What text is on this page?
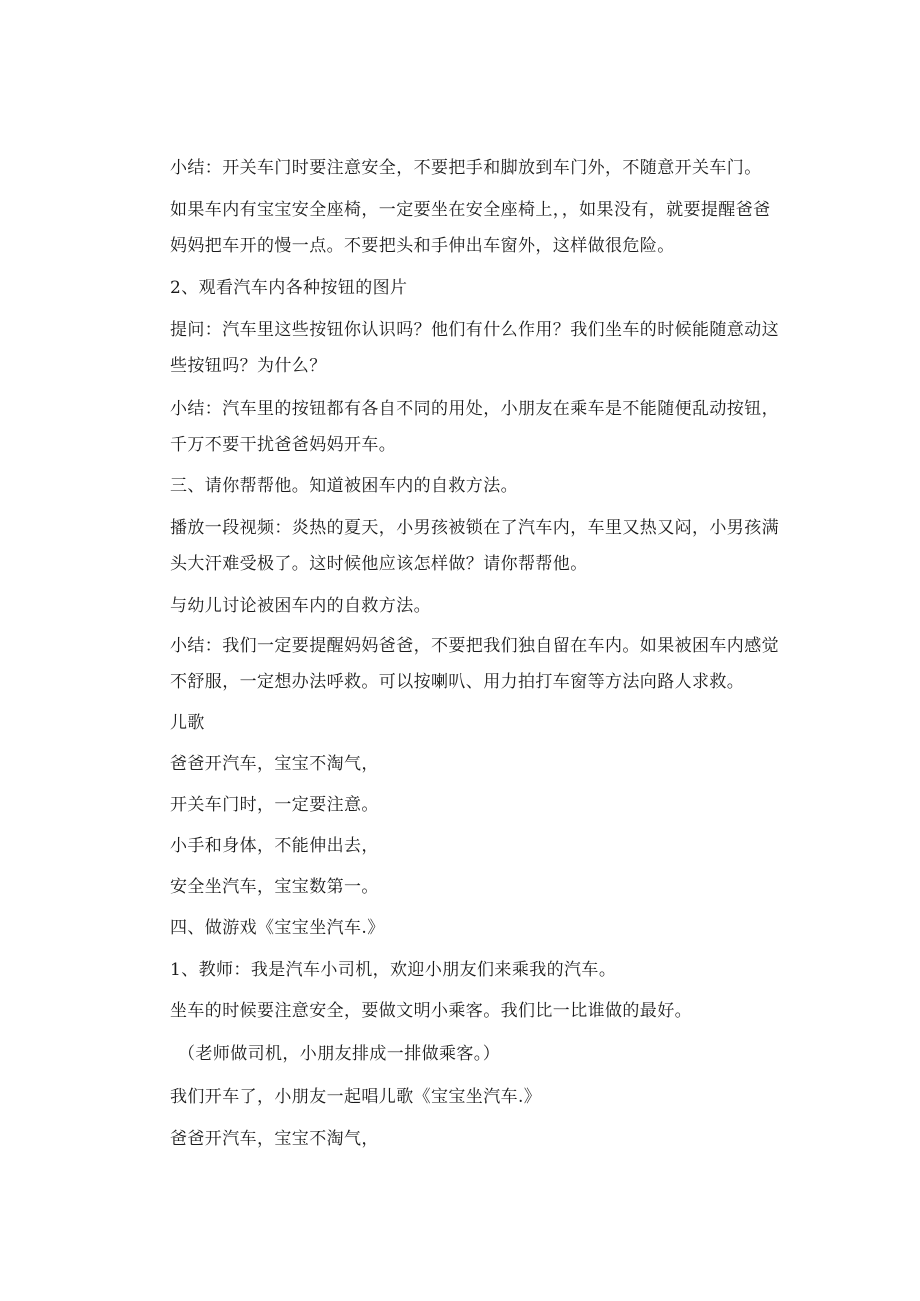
小结：开关车门时要注意安全，不要把手和脚放到车门外，不随意开关车门。
如果车内有宝宝安全座椅，一定要坐在安全座椅上，，如果没有，就要提醒爸爸妈妈把车开的慢一点。不要把头和手伸出车窗外，这样做很危险。
2、观看汽车内各种按钮的图片
提问：汽车里这些按钮你认识吗？他们有什么作用？我们坐车的时候能随意动这些按钮吗？为什么？
小结：汽车里的按钮都有各自不同的用处，小朋友在乘车是不能随便乱动按钮，千万不要干扰爸爸妈妈开车。
三、请你帮帮他。知道被困车内的自救方法。
播放一段视频：炎热的夏天，小男孩被锁在了汽车内，车里又热又闷，小男孩满头大汗难受极了。这时候他应该怎样做？请你帮帮他。
与幼儿讨论被困车内的自救方法。
小结：我们一定要提醒妈妈爸爸，不要把我们独自留在车内。如果被困车内感觉不舒服，一定想办法呼救。可以按喇叭、用力拍打车窗等方法向路人求救。
儿歌
爸爸开汽车，宝宝不淘气，
开关车门时，一定要注意。
小手和身体，不能伸出去，
安全坐汽车，宝宝数第一。
四、做游戏《宝宝坐汽车.》
1、教师：我是汽车小司机，欢迎小朋友们来乘我的汽车。
坐车的时候要注意安全，要做文明小乘客。我们比一比谁做的最好。
（老师做司机，小朋友排成一排做乘客。）
我们开车了，小朋友一起唱儿歌《宝宝坐汽车.》
爸爸开汽车，宝宝不淘气，
